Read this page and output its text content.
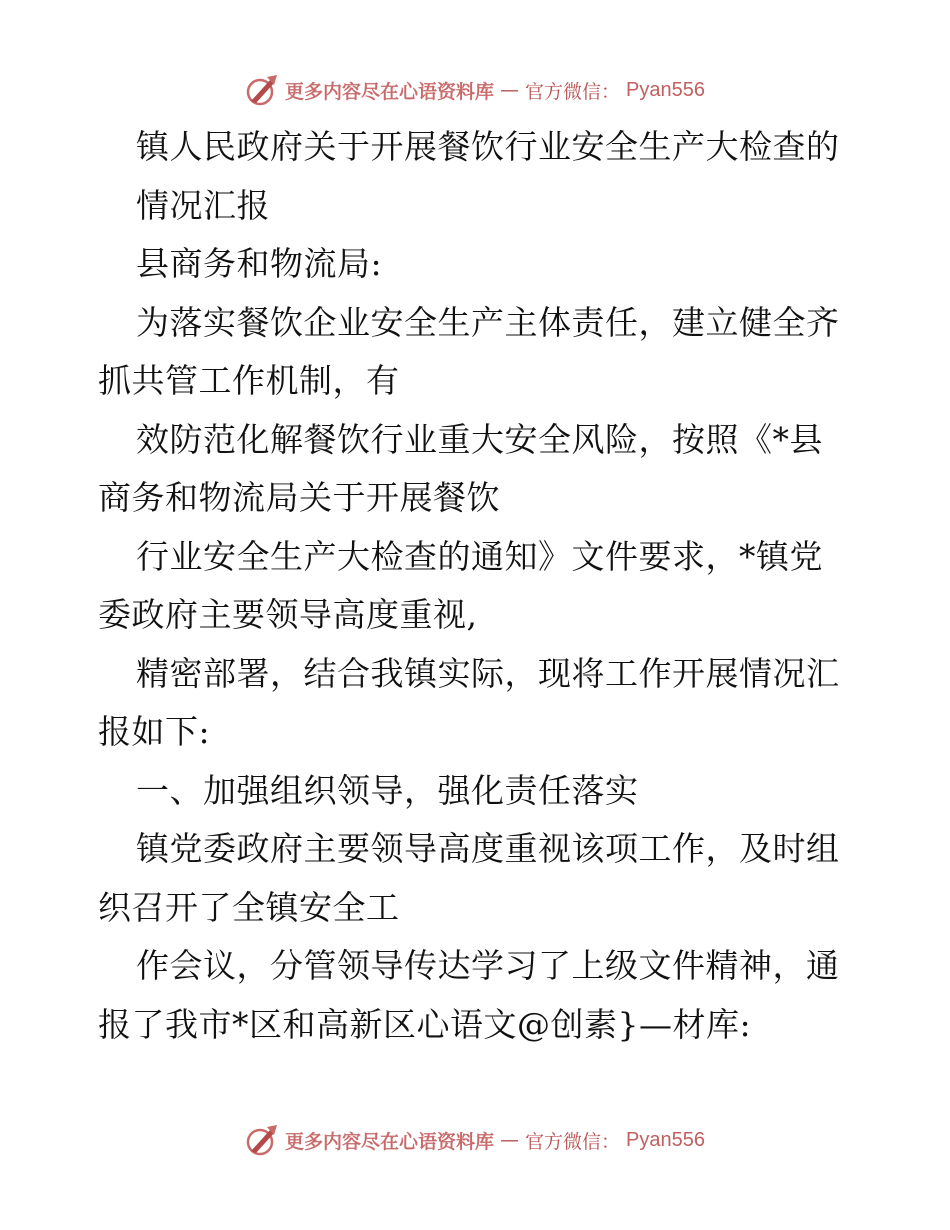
更多内容尽在心语资料库 — 官方微信： Pyan556
镇人民政府关于开展餐饮行业安全生产大检查的
情况汇报
县商务和物流局:
为落实餐饮企业安全生产主体责任，建立健全齐
抓共管工作机制，有
效防范化解餐饮行业重大安全风险，按照《*县
商务和物流局关于开展餐饮
行业安全生产大检查的通知》文件要求，*镇党
委政府主要领导高度重视,
精密部署，结合我镇实际，现将工作开展情况汇
报如下:
一、加强组织领导，强化责任落实
镇党委政府主要领导高度重视该项工作，及时组
织召开了全镇安全工
作会议，分管领导传达学习了上级文件精神，通
报了我市*区和高新区心语文@创素}—材库:
更多内容尽在心语资料库 — 官方微信： Pyan556
